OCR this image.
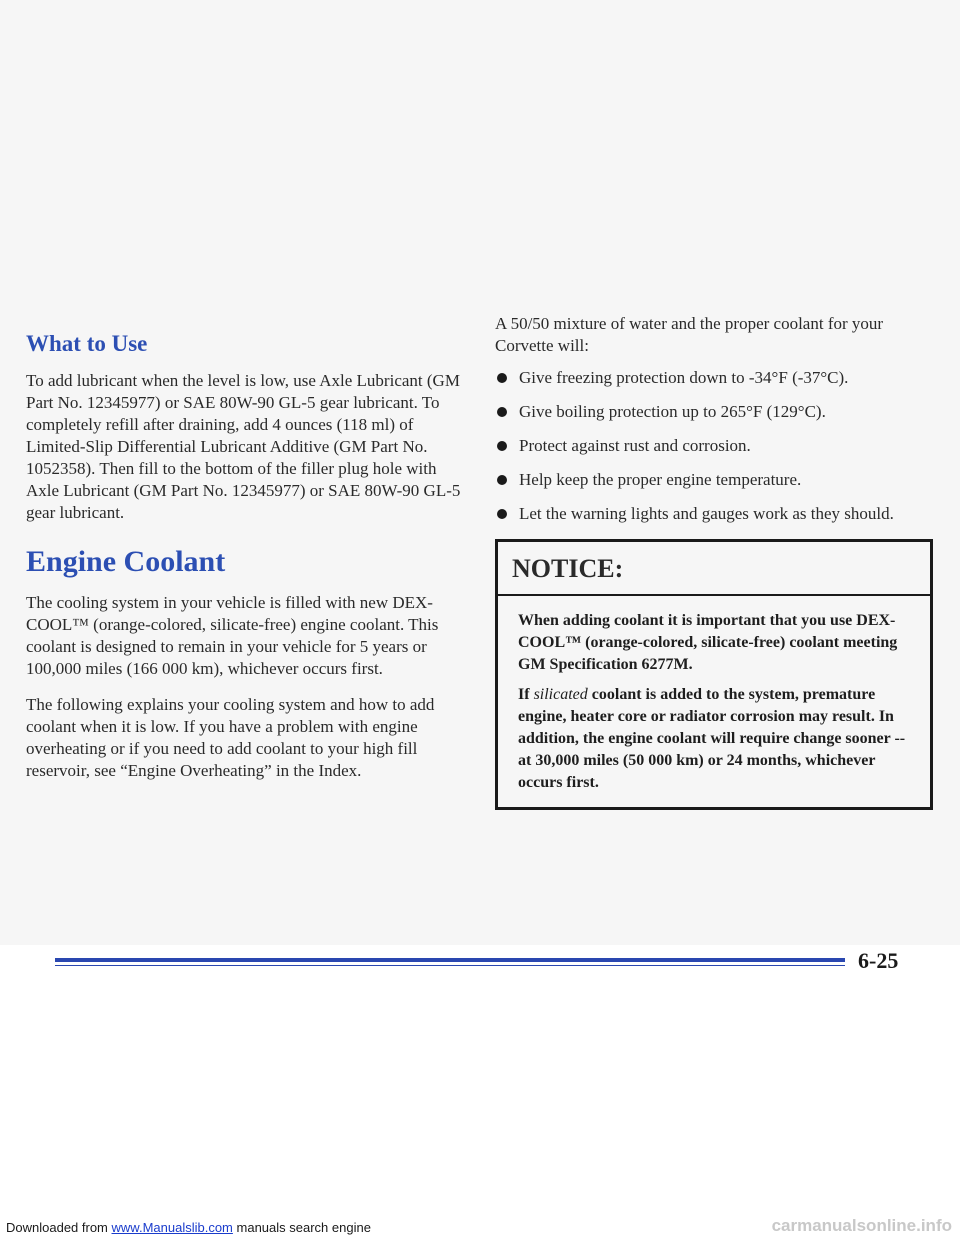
What to Use

To add lubricant when the level is low, use Axle Lubricant (GM Part No. 12345977) or SAE 80W-90 GL-5 gear lubricant. To completely refill after draining, add 4 ounces (118 ml) of Limited-Slip Differential Lubricant Additive (GM Part No. 1052358). Then fill to the bottom of the filler plug hole with Axle Lubricant (GM Part No. 12345977) or SAE 80W-90 GL-5 gear lubricant.

Engine Coolant

The cooling system in your vehicle is filled with new DEX-COOL™ (orange-colored, silicate-free) engine coolant. This coolant is designed to remain in your vehicle for 5 years or 100,000 miles (166 000 km), whichever occurs first.

The following explains your cooling system and how to add coolant when it is low. If you have a problem with engine overheating or if you need to add coolant to your high fill reservoir, see “Engine Overheating” in the Index.

A 50/50 mixture of water and the proper coolant for your Corvette will:

Give freezing protection down to -34°F (-37°C).
Give boiling protection up to 265°F (129°C).
Protect against rust and corrosion.
Help keep the proper engine temperature.
Let the warning lights and gauges work as they should.
NOTICE:

When adding coolant it is important that you use DEX-COOL™ (orange-colored, silicate-free) coolant meeting GM Specification 6277M.

If silicated coolant is added to the system, premature engine, heater core or radiator corrosion may result. In addition, the engine coolant will require change sooner -- at 30,000 miles (50 000 km) or 24 months, whichever occurs first.

6-25
Downloaded from www.Manualslib.com manuals search engine	carmanualsonline.info
